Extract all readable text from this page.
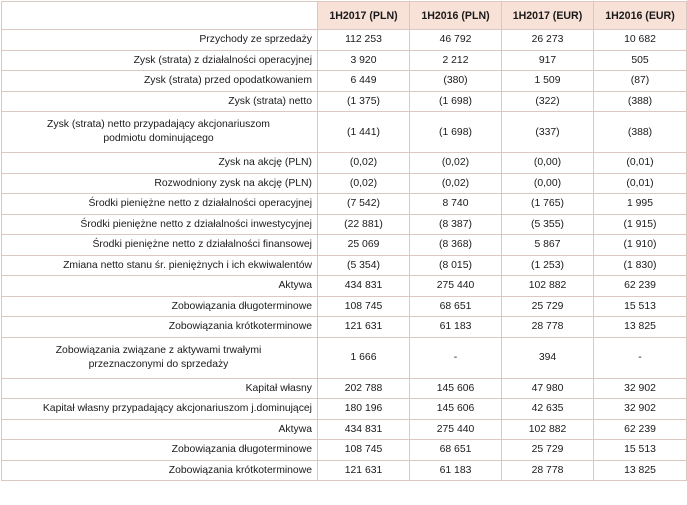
	1H2017 (PLN)	1H2016 (PLN)	1H2017 (EUR)	1H2016 (EUR)
Przychody ze sprzedaży	112 253	46 792	26 273	10 682
Zysk (strata) z działalności operacyjnej	3 920	2 212	917	505
Zysk (strata) przed opodatkowaniem	6 449	(380)	1 509	(87)
Zysk (strata) netto	(1 375)	(1 698)	(322)	(388)

Zysk (strata) netto przypadający akcjonariuszom
podmiotu dominującego	(1 441)	(1 698)	(337)	(388)
Zysk na akcję (PLN)	(0,02)	(0,02)	(0,00)	(0,01)
Rozwodniony zysk na akcję (PLN)	(0,02)	(0,02)	(0,00)	(0,01)
Środki pieniężne netto z działalności operacyjnej	(7 542)	8 740	(1 765)	1 995
Środki pieniężne netto z działalności inwestycyjnej	(22 881)	(8 387)	(5 355)	(1 915)
Środki pieniężne netto z działalności finansowej	25 069	(8 368)	5 867	(1 910)
Zmiana netto stanu śr. pieniężnych i ich ekwiwalentów	(5 354)	(8 015)	(1 253)	(1 830)
Aktywa	434 831	275 440	102 882	62 239
Zobowiązania długoterminowe	108 745	68 651	25 729	15 513
Zobowiązania krótkoterminowe	121 631	61 183	28 778	13 825

Zobowiązania związane z aktywami trwałymi
przeznaczonymi do sprzedaży	1 666	-	394	-
Kapitał własny	202 788	145 606	47 980	32 902
Kapitał własny przypadający akcjonariuszom j.dominującej	180 196	145 606	42 635	32 902
Aktywa	434 831	275 440	102 882	62 239
Zobowiązania długoterminowe	108 745	68 651	25 729	15 513
Zobowiązania krótkoterminowe	121 631	61 183	28 778	13 825
